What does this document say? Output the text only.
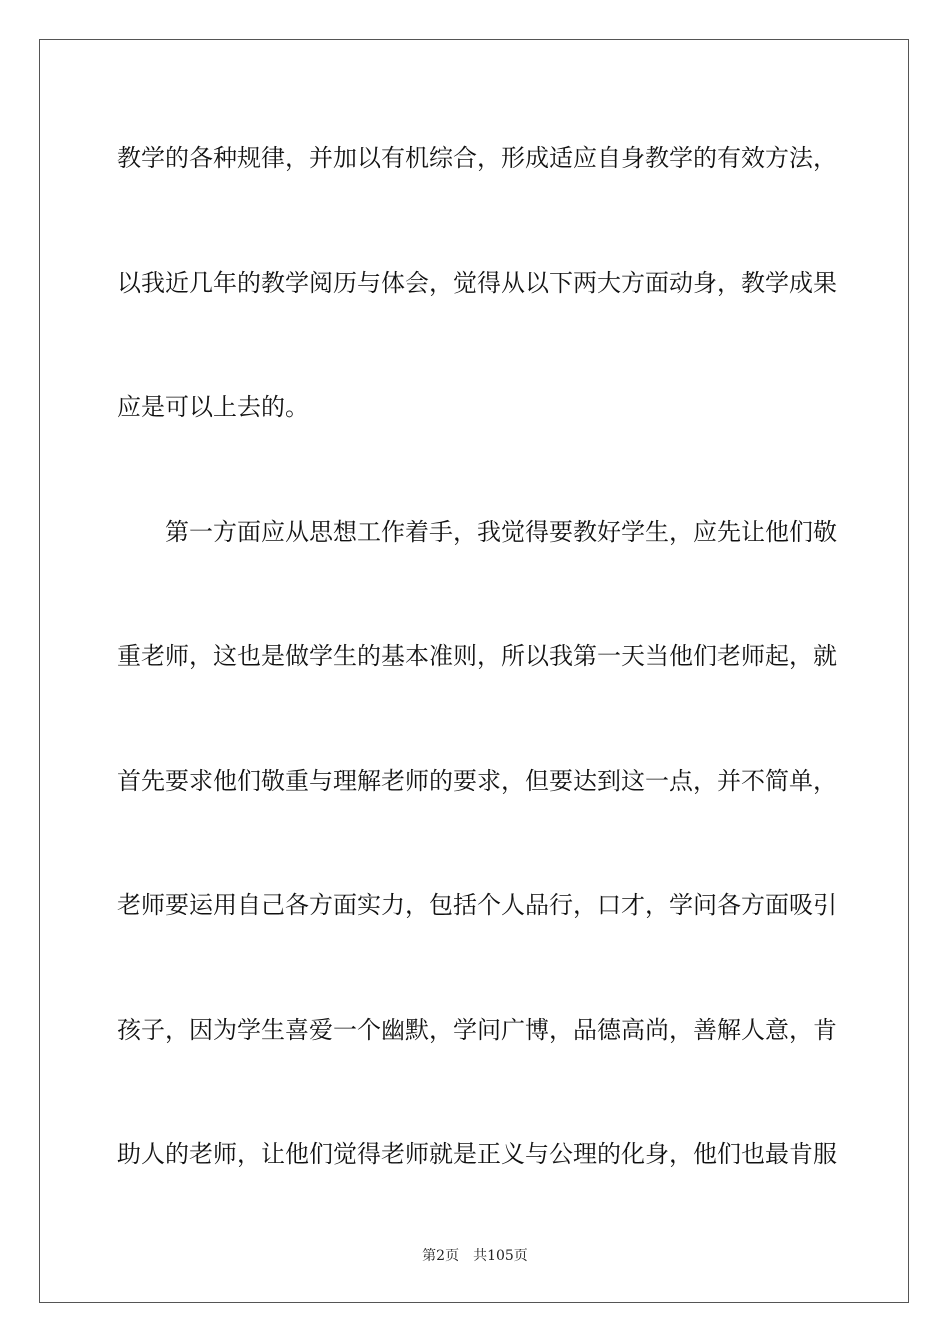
教学的各种规律，并加以有机综合，形成适应自身教学的有效方法，
以我近几年的教学阅历与体会，觉得从以下两大方面动身，教学成果
应是可以上去的。
第一方面应从思想工作着手，我觉得要教好学生，应先让他们敬
重老师，这也是做学生的基本准则，所以我第一天当他们老师起，就
首先要求他们敬重与理解老师的要求，但要达到这一点，并不简单，
老师要运用自己各方面实力，包括个人品行，口才，学问各方面吸引
孩子，因为学生喜爱一个幽默，学问广博，品德高尚，善解人意，肯
助人的老师，让他们觉得老师就是正义与公理的化身，他们也最肯服
第2页　共105页
